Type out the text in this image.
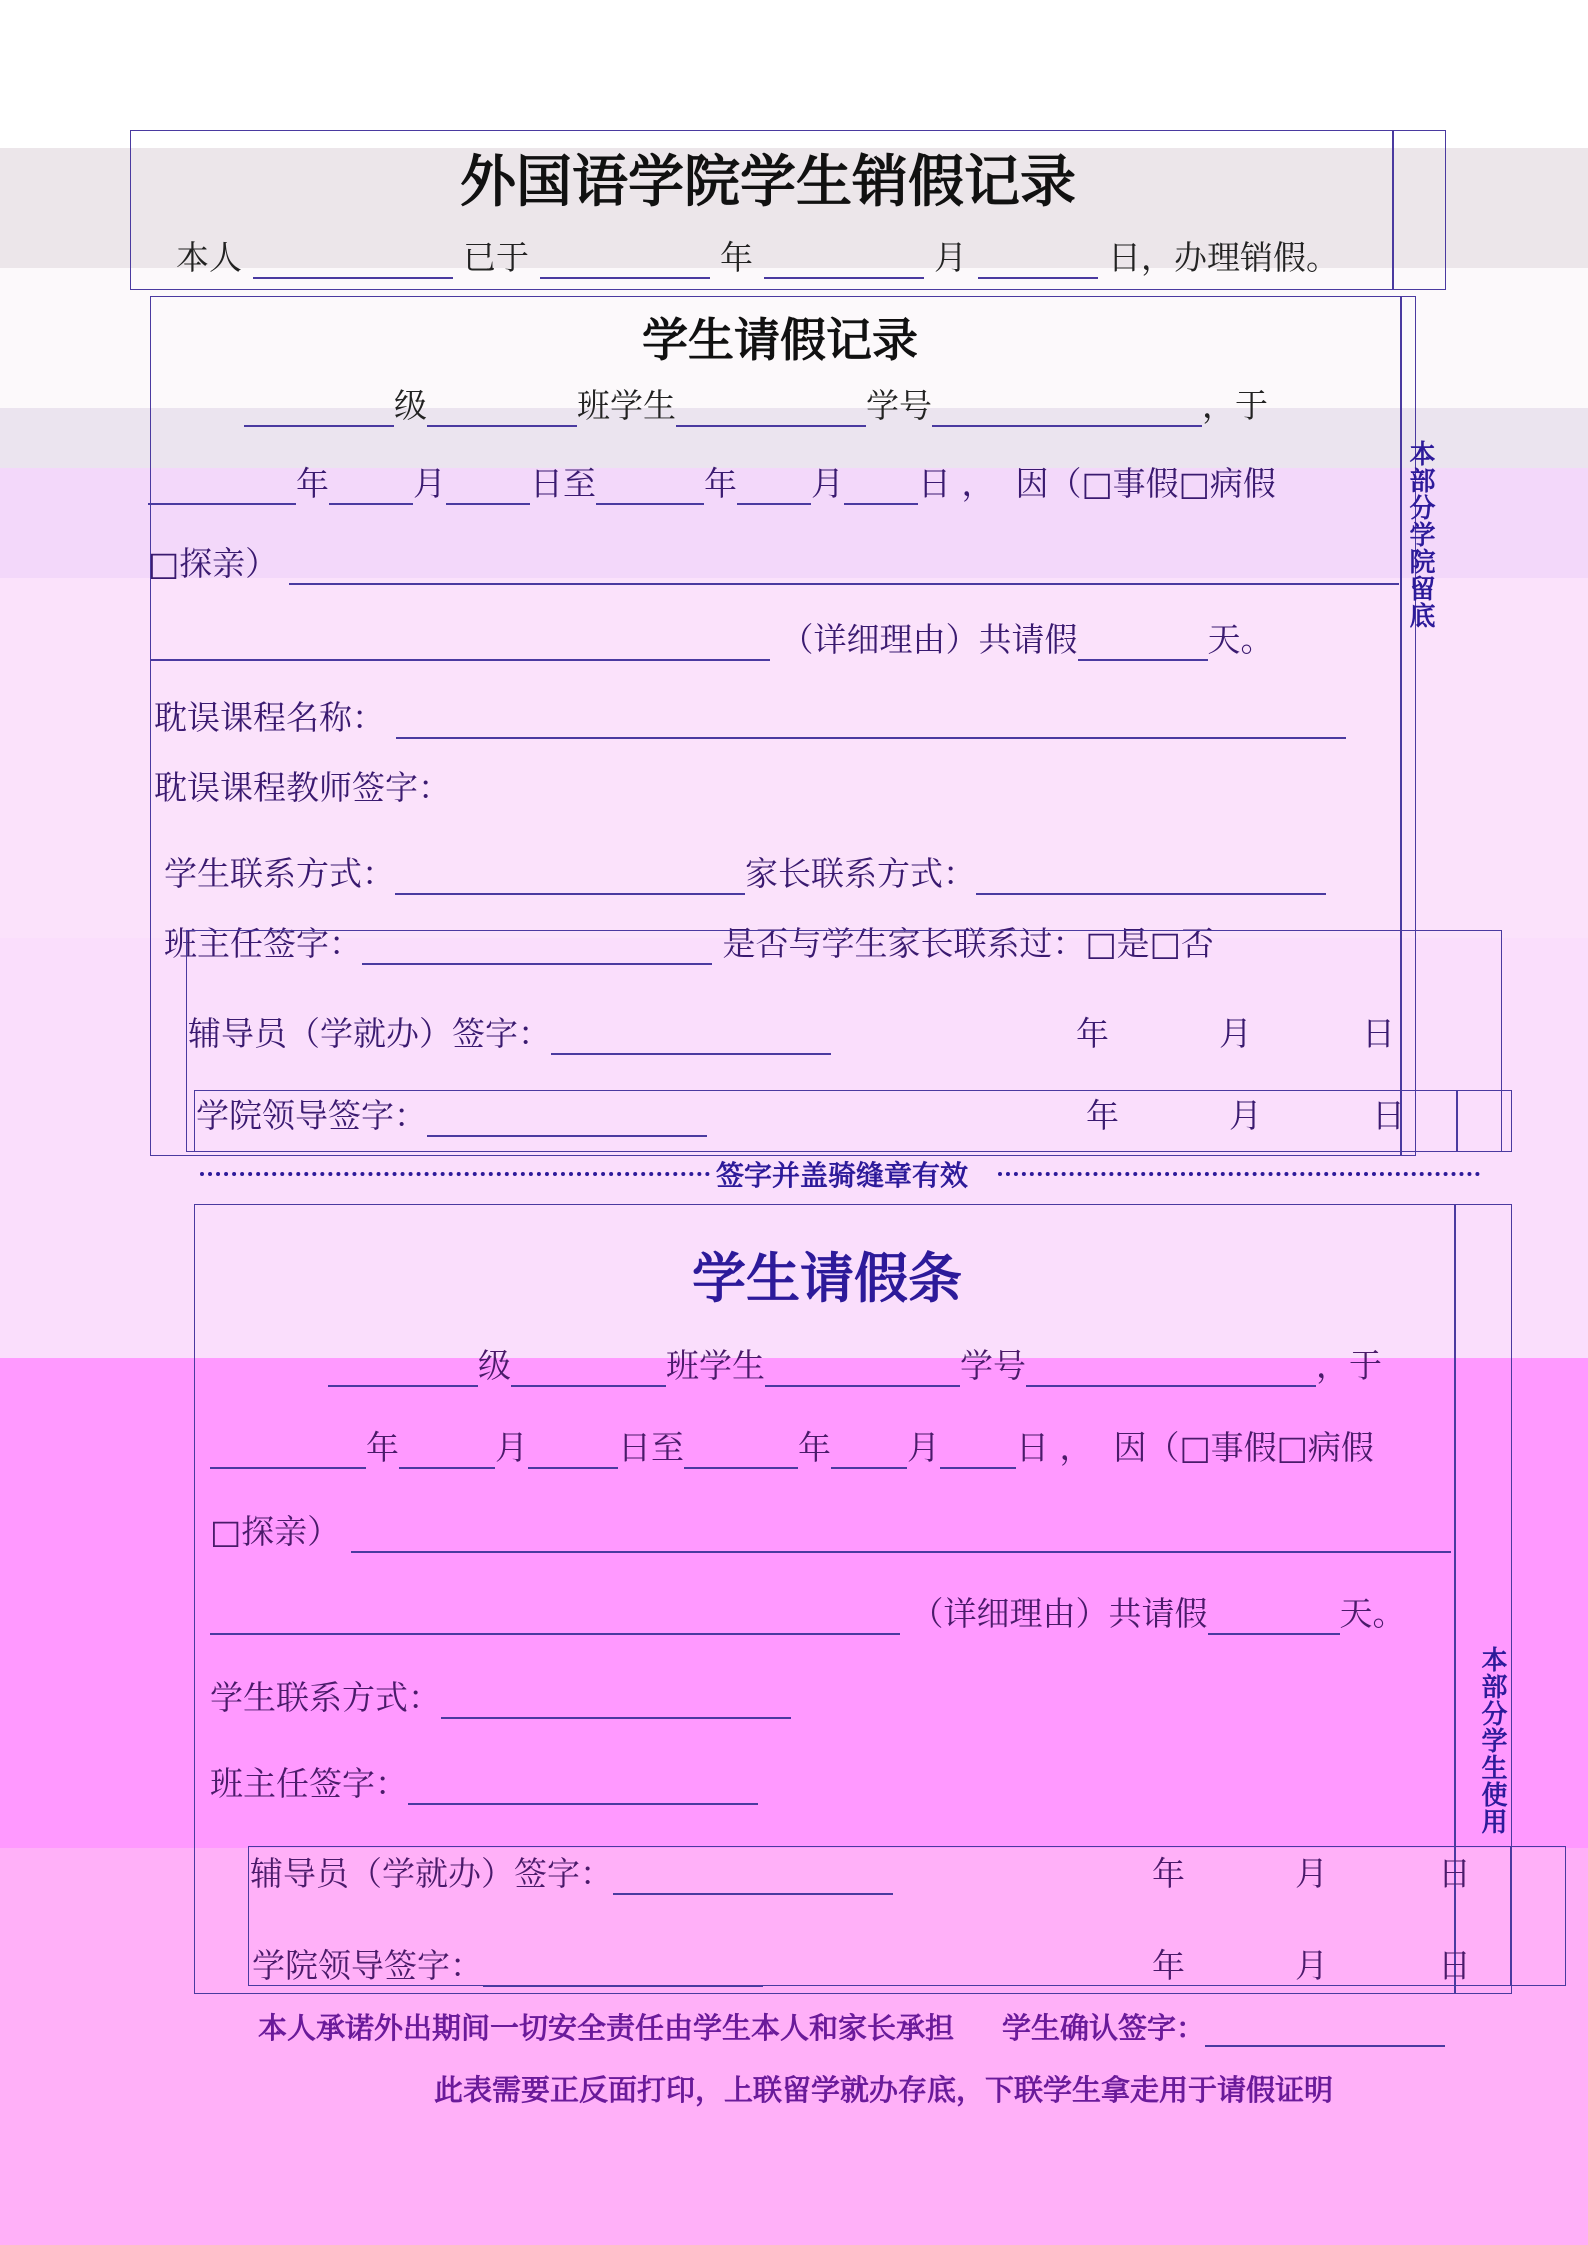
外国语学院学生销假记录
本人	已于	年	月	日，办理销假。
学生请假记录
级	班学生	学号	，于
年	月	日至	年 月 日 ， 因（□事假□病假
□探亲）
（详细理由）共请假	天。
耽误课程名称：
耽误课程教师签字：
学生联系方式：	家长联系方式：
班主任签字：	是否与学生家长联系过：□是□否
本部分学院留底
辅导员（学就办）签字：	年	月	日
学院领导签字：	年	月	日
签字并盖骑缝章有效
学生请假条
级	班学生	学号	，于
年	月	日至	年 月 日 ， 因（□事假□病假
□探亲）
（详细理由）共请假	天。
学生联系方式：
班主任签字：	本部分学生使用
辅导员（学就办）签字：	年	月	日
学院领导签字：	年	月	日
本人承诺外出期间一切安全责任由学生本人和家长承担 学生确认签字：
此表需要正反面打印，上联留学就办存底，下联学生拿走用于请假证明
